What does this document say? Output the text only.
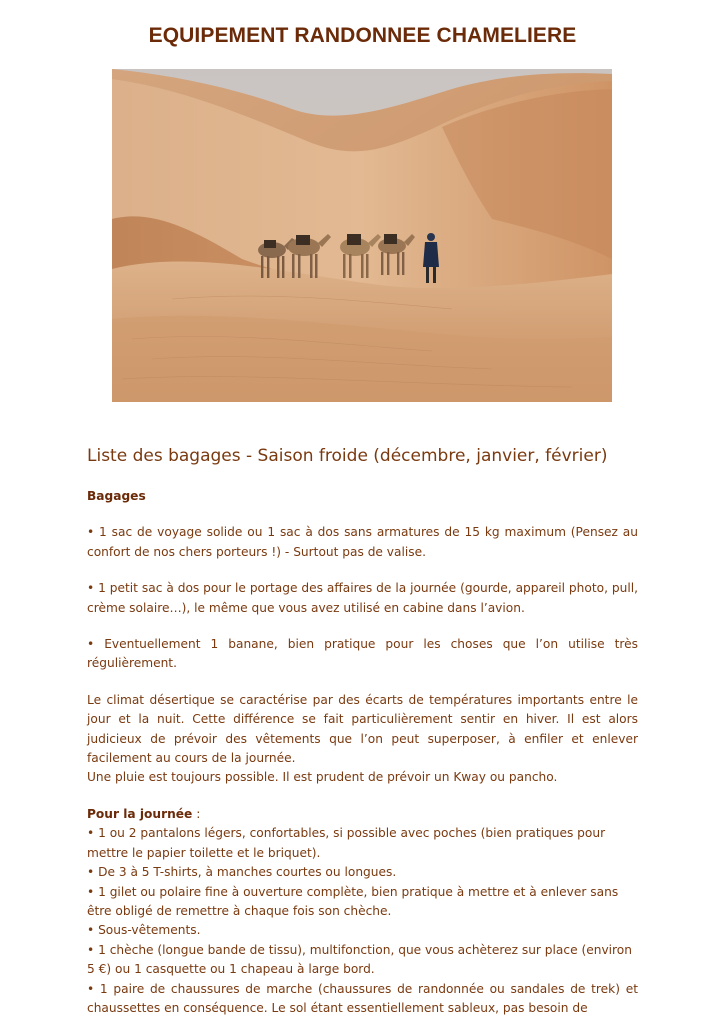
EQUIPEMENT RANDONNEE CHAMELIERE
Liste des bagages - Saison froide (décembre, janvier, février)

Bagages

• 1 sac de voyage solide ou 1 sac à dos sans armatures de 15 kg maximum (Pensez au confort de nos chers porteurs !) - Surtout pas de valise.

• 1 petit sac à dos pour le portage des affaires de la journée (gourde, appareil photo, pull, crème solaire…), le même que vous avez utilisé en cabine dans l’avion.

• Eventuellement 1 banane, bien pratique pour les choses que l’on utilise très régulièrement.

Le climat désertique se caractérise par des écarts de températures importants entre le jour et la nuit. Cette différence se fait particulièrement sentir en hiver. Il est alors judicieux de prévoir des vêtements que l’on peut superposer, à enfiler et enlever facilement au cours de la journée.

Une pluie est toujours possible. Il est prudent de prévoir un Kway ou pancho.

Pour la journée :

• 1 ou 2 pantalons légers, confortables, si possible avec poches (bien pratiques pour mettre le papier toilette et le briquet).

• De 3 à 5 T-shirts, à manches courtes ou longues.

• 1 gilet ou polaire fine à ouverture complète, bien pratique à mettre et à enlever sans être obligé de remettre à chaque fois son chèche.

• Sous-vêtements.

• 1 chèche (longue bande de tissu), multifonction, que vous achèterez sur place (environ 5 €) ou 1 casquette ou 1 chapeau à large bord.

• 1 paire de chaussures de marche (chaussures de randonnée ou sandales de trek) et chaussettes en conséquence. Le sol étant essentiellement sableux, pas besoin de
